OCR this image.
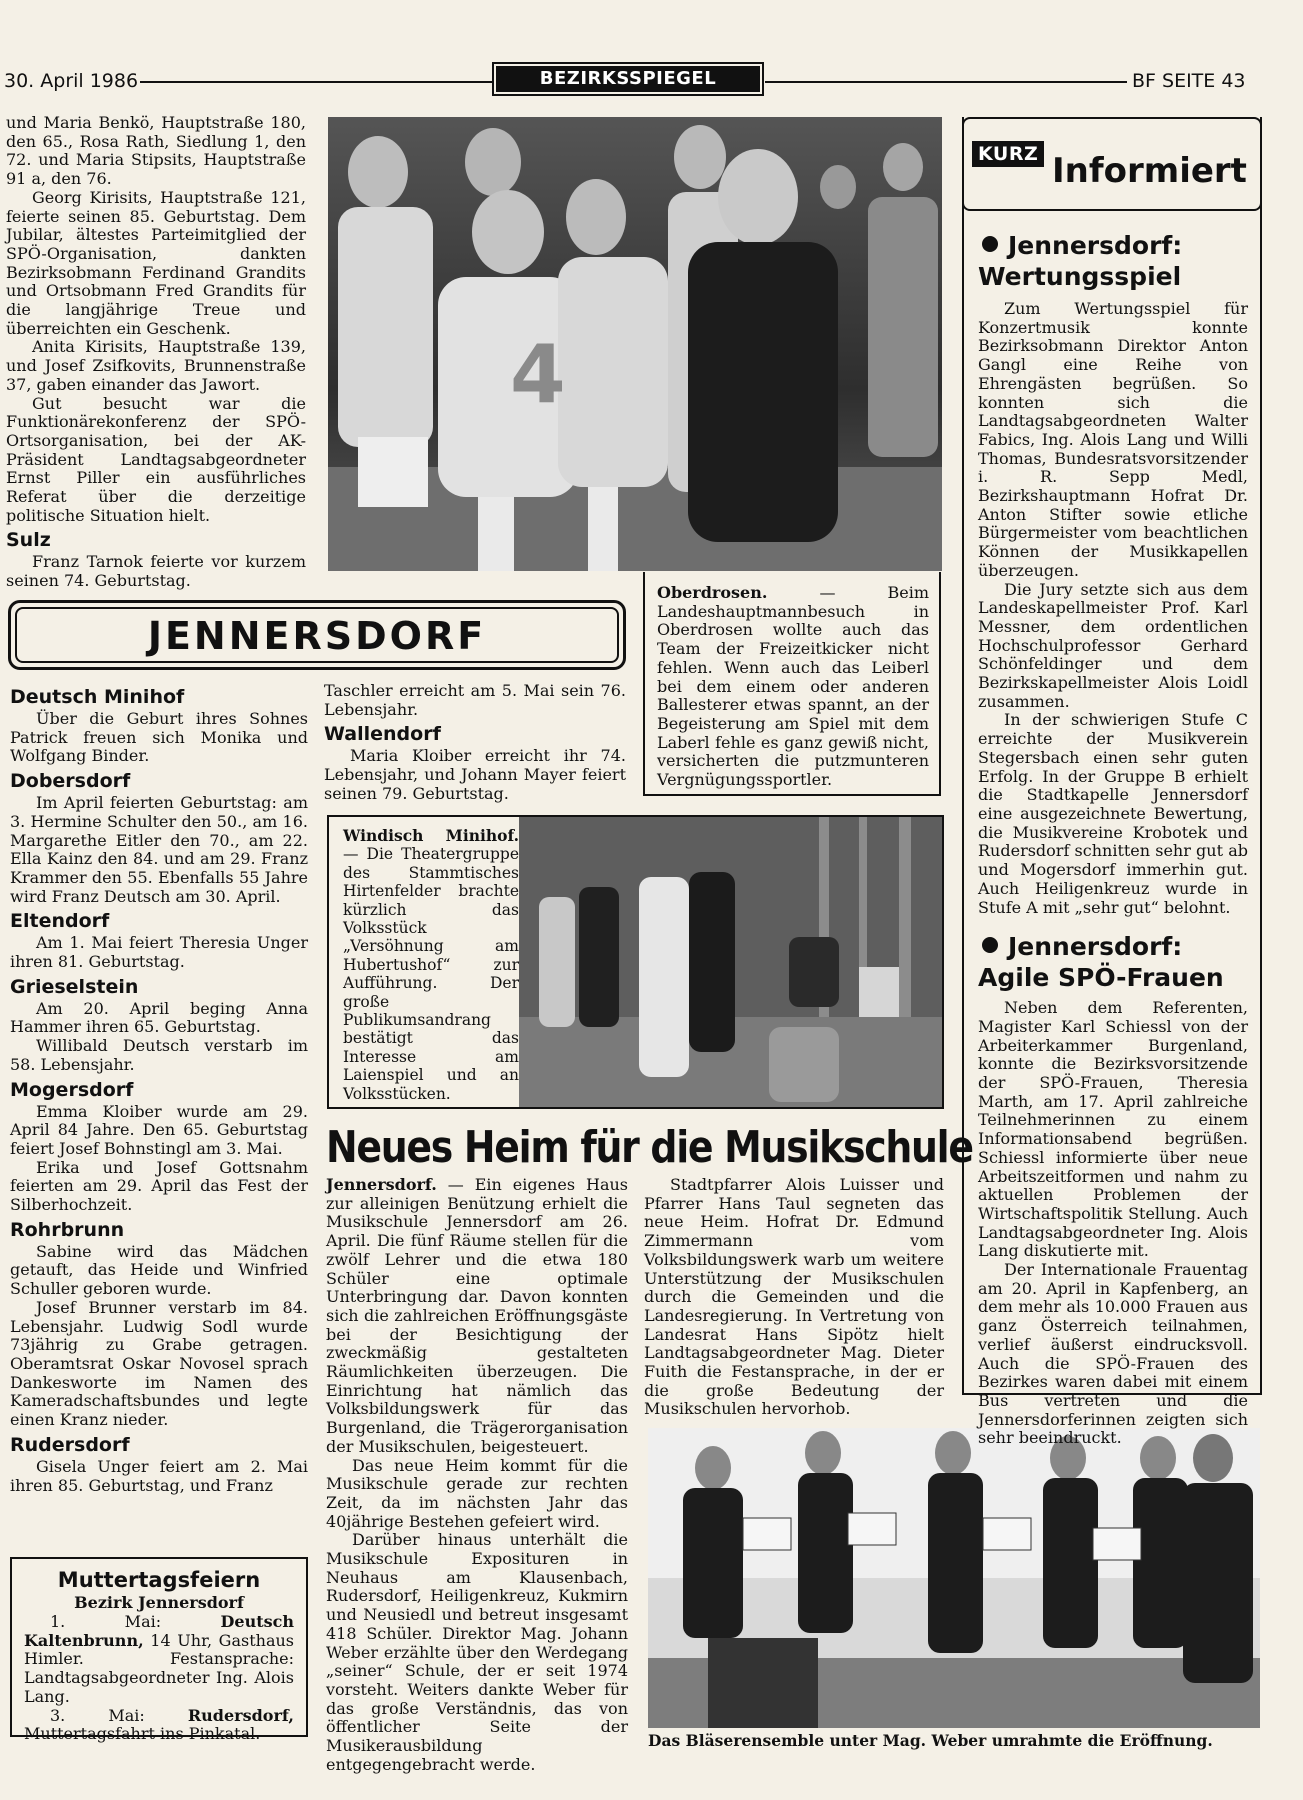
30. April 1986	BEZIRKSSPIEGEL	BF SEITE 43

und Maria Benkö, Hauptstraße 180, den 65., Rosa Rath, Siedlung 1, den 72. und Maria Stipsits, Hauptstraße 91 a, den 76.

Georg Kirisits, Hauptstraße 121, feierte seinen 85. Geburtstag. Dem Jubilar, ältestes Parteimitglied der SPÖ-Organisation, dankten Bezirksobmann Ferdinand Grandits und Ortsobmann Fred Grandits für die langjährige Treue und überreichten ein Geschenk.

Anita Kirisits, Hauptstraße 139, und Josef Zsifkovits, Brunnenstraße 37, gaben einander das Jawort.

Gut besucht war die Funktionärekonferenz der SPÖ-Ortsorganisation, bei der AK-Präsident Landtagsabgeordneter Ernst Piller ein ausführliches Referat über die derzeitige politische Situation hielt.

Sulz

Franz Tarnok feierte vor kurzem seinen 74. Geburtstag.

4

Oberdrosen. — Beim Landeshauptmannbesuch in Oberdrosen wollte auch das Team der Freizeitkicker nicht fehlen. Wenn auch das Leiberl bei dem einem oder anderen Ballesterer etwas spannt, an der Begeisterung am Spiel mit dem Laberl fehle es ganz gewiß nicht, versicherten die putzmunteren Vergnügungssportler.

JENNERSDORF
Deutsch Minihof

Über die Geburt ihres Sohnes Patrick freuen sich Monika und Wolfgang Binder.

Dobersdorf

Im April feierten Geburtstag: am 3. Hermine Schulter den 50., am 16. Margarethe Eitler den 70., am 22. Ella Kainz den 84. und am 29. Franz Krammer den 55. Ebenfalls 55 Jahre wird Franz Deutsch am 30. April.

Eltendorf

Am 1. Mai feiert Theresia Unger ihren 81. Geburtstag.

Grieselstein

Am 20. April beging Anna Hammer ihren 65. Geburtstag.

Willibald Deutsch verstarb im 58. Lebensjahr.

Mogersdorf

Emma Kloiber wurde am 29. April 84 Jahre. Den 65. Geburtstag feiert Josef Bohnstingl am 3. Mai.

Erika und Josef Gottsnahm feierten am 29. April das Fest der Silberhochzeit.

Rohrbrunn

Sabine wird das Mädchen getauft, das Heide und Winfried Schuller geboren wurde.

Josef Brunner verstarb im 84. Lebensjahr. Ludwig Sodl wurde 73jährig zu Grabe getragen. Oberamtsrat Oskar Novosel sprach Dankesworte im Namen des Kameradschaftsbundes und legte einen Kranz nieder.

Rudersdorf

Gisela Unger feiert am 2. Mai ihren 85. Geburtstag, und Franz

Muttertagsfeiern
Bezirk Jennersdorf

1. Mai: Deutsch Kaltenbrunn, 14 Uhr, Gasthaus Himler. Festansprache: Landtagsabgeordneter Ing. Alois Lang.

3. Mai: Rudersdorf, Muttertagsfahrt ins Pinkatal.

Taschler erreicht am 5. Mai sein 76. Lebensjahr.

Wallendorf

Maria Kloiber erreicht ihr 74. Lebensjahr, und Johann Mayer feiert seinen 79. Geburtstag.

Windisch Minihof. — Die Theatergruppe des Stammtisches Hirtenfelder brachte kürzlich das Volksstück „Versöhnung am Hubertushof“ zur Aufführung. Der große Publikumsandrang bestätigt das Interesse am Laienspiel und an Volksstücken.

Neues Heim für die Musikschule

Jennersdorf. — Ein eigenes Haus zur alleinigen Benützung erhielt die Musikschule Jennersdorf am 26. April. Die fünf Räume stellen für die zwölf Lehrer und die etwa 180 Schüler eine optimale Unterbringung dar. Davon konnten sich die zahlreichen Eröffnungsgäste bei der Besichtigung der zweckmäßig gestalteten Räumlichkeiten überzeugen. Die Einrichtung hat nämlich das Volksbildungswerk für das Burgenland, die Trägerorganisation der Musikschulen, beigesteuert.

Das neue Heim kommt für die Musikschule gerade zur rechten Zeit, da im nächsten Jahr das 40jährige Bestehen gefeiert wird.

Darüber hinaus unterhält die Musikschule Exposituren in Neuhaus am Klausenbach, Rudersdorf, Heiligenkreuz, Kukmirn und Neusiedl und betreut insgesamt 418 Schüler. Direktor Mag. Johann Weber erzählte über den Werdegang „seiner“ Schule, der er seit 1974 vorsteht. Weiters dankte Weber für das große Verständnis, das von öffentlicher Seite der Musikerausbildung entgegengebracht werde.

Stadtpfarrer Alois Luisser und Pfarrer Hans Taul segneten das neue Heim. Hofrat Dr. Edmund Zimmermann vom Volksbildungswerk warb um weitere Unterstützung der Musikschulen durch die Gemeinden und die Landesregierung. In Vertretung von Landesrat Hans Sipötz hielt Landtagsabgeordneter Mag. Dieter Fuith die Festansprache, in der er die große Bedeutung der Musikschulen hervorhob.

Das Bläserensemble unter Mag. Weber umrahmte die Eröffnung.
KURZ Informiert
Jennersdorf:
Wertungsspiel

Zum Wertungsspiel für Konzertmusik konnte Bezirksobmann Direktor Anton Gangl eine Reihe von Ehrengästen begrüßen. So konnten sich die Landtagsabgeordneten Walter Fabics, Ing. Alois Lang und Willi Thomas, Bundesratsvorsitzender i. R. Sepp Medl, Bezirkshauptmann Hofrat Dr. Anton Stifter sowie etliche Bürgermeister vom beachtlichen Können der Musikkapellen überzeugen.

Die Jury setzte sich aus dem Landeskapellmeister Prof. Karl Messner, dem ordentlichen Hochschulprofessor Gerhard Schönfeldinger und dem Bezirkskapellmeister Alois Loidl zusammen.

In der schwierigen Stufe C erreichte der Musikverein Stegersbach einen sehr guten Erfolg. In der Gruppe B erhielt die Stadtkapelle Jennersdorf eine ausgezeichnete Bewertung, die Musikvereine Krobotek und Rudersdorf schnitten sehr gut ab und Mogersdorf immerhin gut. Auch Heiligenkreuz wurde in Stufe A mit „sehr gut“ belohnt.

Jennersdorf:
Agile SPÖ-Frauen

Neben dem Referenten, Magister Karl Schiessl von der Arbeiterkammer Burgenland, konnte die Bezirksvorsitzende der SPÖ-Frauen, Theresia Marth, am 17. April zahlreiche Teilnehmerinnen zu einem Informationsabend begrüßen. Schiessl informierte über neue Arbeitszeitformen und nahm zu aktuellen Problemen der Wirtschaftspolitik Stellung. Auch Landtagsabgeordneter Ing. Alois Lang diskutierte mit.

Der Internationale Frauentag am 20. April in Kapfenberg, an dem mehr als 10.000 Frauen aus ganz Österreich teilnahmen, verlief äußerst eindrucksvoll. Auch die SPÖ-Frauen des Bezirkes waren dabei mit einem Bus vertreten und die Jennersdorferinnen zeigten sich sehr beeindruckt.
